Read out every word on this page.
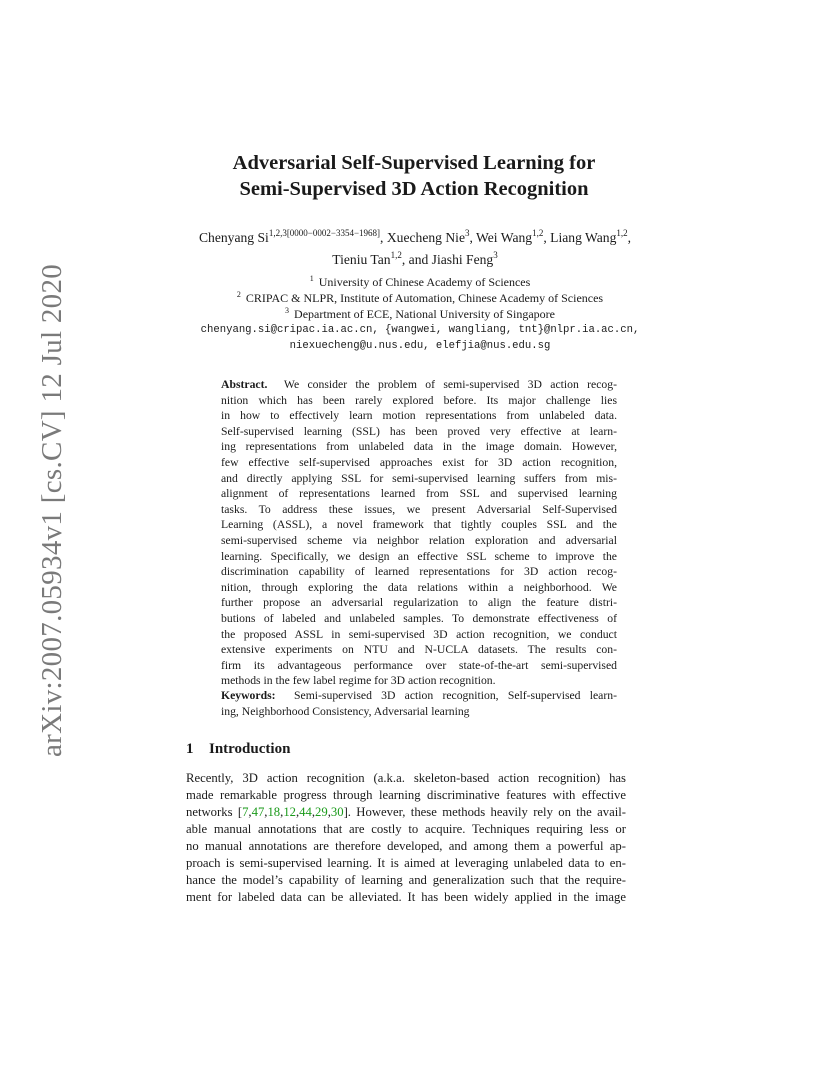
arXiv:2007.05934v1 [cs.CV] 12 Jul 2020
Adversarial Self-Supervised Learning for
Semi-Supervised 3D Action Recognition
Chenyang $Si^{1,2,3[0000-0002-3354-1968]}$, Xuecheng Nie$^3$, Wei Wang$^{1,2}$, Liang Wang$^{1,2}$, Tieniu Tan$^{1,2}$, and Jiashi Feng$^3$
$^1$ University of Chinese Academy of Sciences
$^2$ CRIPAC & NLPR, Institute of Automation, Chinese Academy of Sciences
$^3$ Department of ECE, National University of Singapore
chenyang.si@cripac.ia.ac.cn, {wangwei, wangliang, tnt}@nlpr.ia.ac.cn,
niexuecheng@u.nus.edu, elefjia@nus.edu.sg
Abstract. We consider the problem of semi-supervised 3D action recog-
nition which has been rarely explored before. Its major challenge lies
in how to effectively learn motion representations from unlabeled data.
Self-supervised learning (SSL) has been proved very effective at learn-
ing representations from unlabeled data in the image domain. However,
few effective self-supervised approaches exist for 3D action recognition,
and directly applying SSL for semi-supervised learning suffers from mis-
alignment of representations learned from SSL and supervised learning
tasks. To address these issues, we present Adversarial Self-Supervised
Learning (ASSL), a novel framework that tightly couples SSL and the
semi-supervised scheme via neighbor relation exploration and adversarial
learning. Specifically, we design an effective SSL scheme to improve the
discrimination capability of learned representations for 3D action recog-
nition, through exploring the data relations within a neighborhood. We
further propose an adversarial regularization to align the feature distri-
butions of labeled and unlabeled samples. To demonstrate effectiveness of
the proposed ASSL in semi-supervised 3D action recognition, we conduct
extensive experiments on NTU and N-UCLA datasets. The results con-
firm its advantageous performance over state-of-the-art semi-supervised
methods in the few label regime for 3D action recognition.
Keywords: Semi-supervised 3D action recognition, Self-supervised learn-
ing, Neighborhood Consistency, Adversarial learning
1 Introduction
Recently, 3D action recognition (a.k.a. skeleton-based action recognition) has
made remarkable progress through learning discriminative features with effective
networks [7,47,18,12,44,29,30]. However, these methods heavily rely on the avail-
able manual annotations that are costly to acquire. Techniques requiring less or
no manual annotations are therefore developed, and among them a powerful ap-
proach is semi-supervised learning. It is aimed at leveraging unlabeled data to en-
hance the model’s capability of learning and generalization such that the require-
ment for labeled data can be alleviated. It has been widely applied in the image
